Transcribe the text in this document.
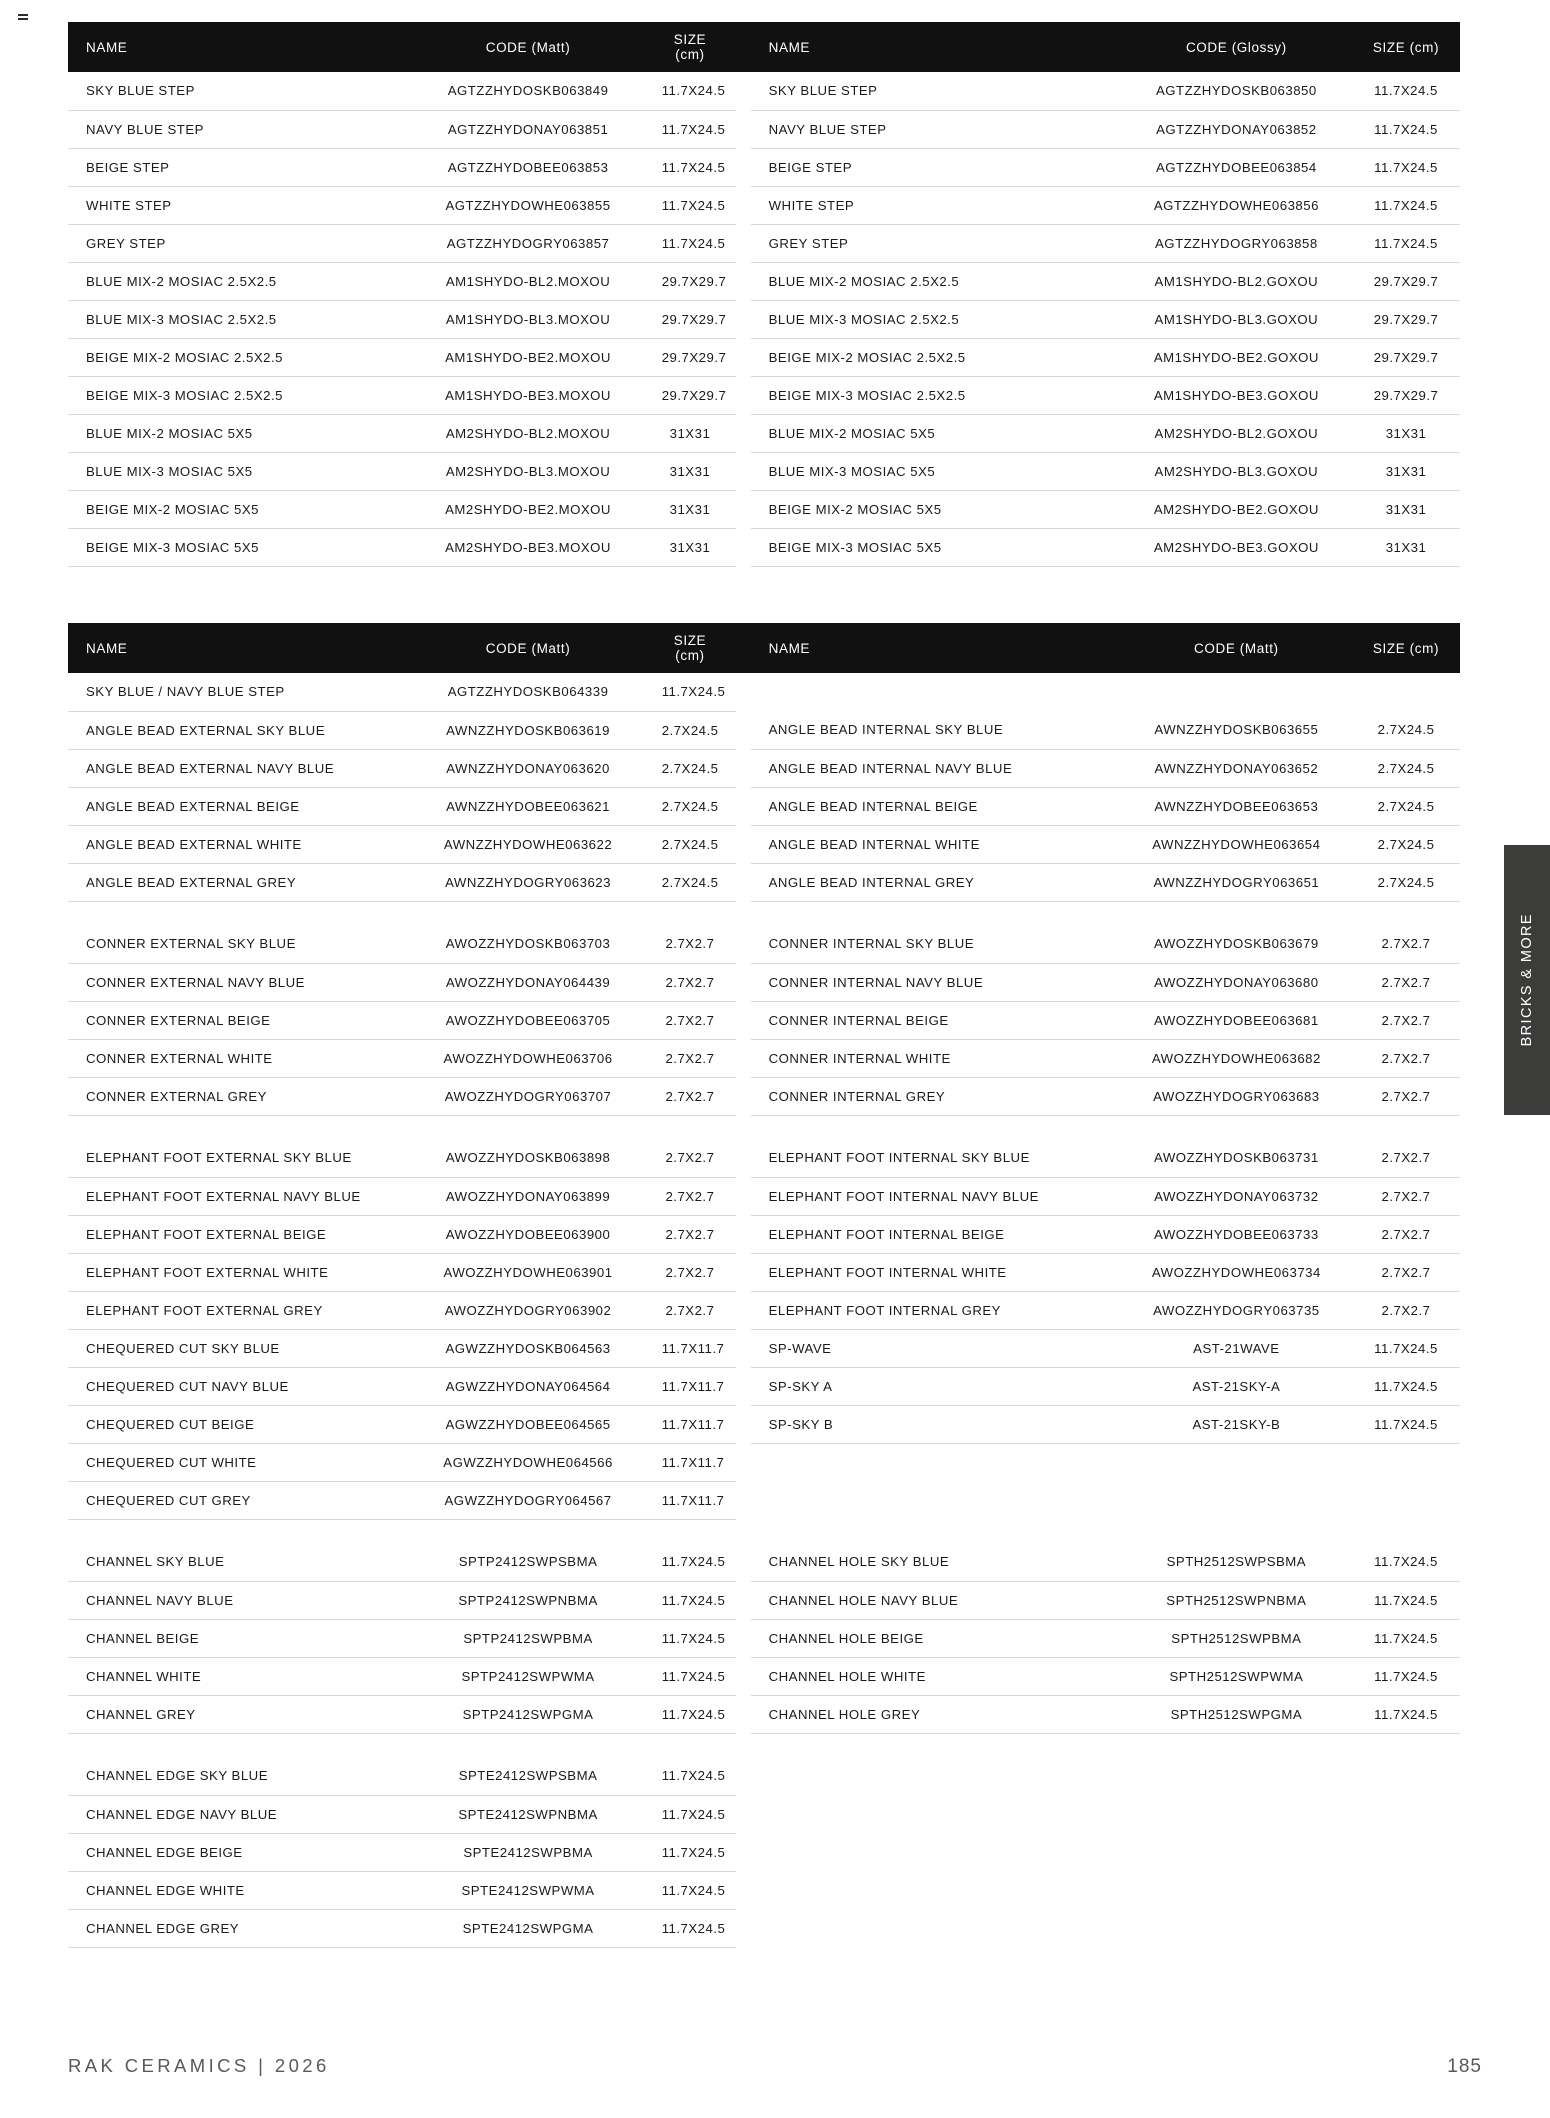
NAME	CODE (Matt)	SIZE (cm)		NAME	CODE (Glossy)	SIZE (cm)
SKY BLUE STEP	AGTZZHYDOSKB063849	11.7X24.5		SKY BLUE STEP	AGTZZHYDOSKB063850	11.7X24.5
NAVY BLUE STEP	AGTZZHYDONAY063851	11.7X24.5		NAVY BLUE STEP	AGTZZHYDONAY063852	11.7X24.5
BEIGE STEP	AGTZZHYDOBEE063853	11.7X24.5		BEIGE STEP	AGTZZHYDOBEE063854	11.7X24.5
WHITE STEP	AGTZZHYDOWHE063855	11.7X24.5		WHITE STEP	AGTZZHYDOWHE063856	11.7X24.5
GREY STEP	AGTZZHYDOGRY063857	11.7X24.5		GREY STEP	AGTZZHYDOGRY063858	11.7X24.5
BLUE MIX-2 MOSIAC 2.5X2.5	AM1SHYDO-BL2.MOXOU	29.7X29.7		BLUE MIX-2 MOSIAC 2.5X2.5	AM1SHYDO-BL2.GOXOU	29.7X29.7
BLUE MIX-3 MOSIAC 2.5X2.5	AM1SHYDO-BL3.MOXOU	29.7X29.7		BLUE MIX-3 MOSIAC 2.5X2.5	AM1SHYDO-BL3.GOXOU	29.7X29.7
BEIGE MIX-2 MOSIAC 2.5X2.5	AM1SHYDO-BE2.MOXOU	29.7X29.7		BEIGE MIX-2 MOSIAC 2.5X2.5	AM1SHYDO-BE2.GOXOU	29.7X29.7
BEIGE MIX-3 MOSIAC 2.5X2.5	AM1SHYDO-BE3.MOXOU	29.7X29.7		BEIGE MIX-3 MOSIAC 2.5X2.5	AM1SHYDO-BE3.GOXOU	29.7X29.7
BLUE MIX-2 MOSIAC 5X5	AM2SHYDO-BL2.MOXOU	31X31		BLUE MIX-2 MOSIAC 5X5	AM2SHYDO-BL2.GOXOU	31X31
BLUE MIX-3 MOSIAC 5X5	AM2SHYDO-BL3.MOXOU	31X31		BLUE MIX-3 MOSIAC 5X5	AM2SHYDO-BL3.GOXOU	31X31
BEIGE MIX-2 MOSIAC 5X5	AM2SHYDO-BE2.MOXOU	31X31		BEIGE MIX-2 MOSIAC 5X5	AM2SHYDO-BE2.GOXOU	31X31
BEIGE MIX-3 MOSIAC 5X5	AM2SHYDO-BE3.MOXOU	31X31		BEIGE MIX-3 MOSIAC 5X5	AM2SHYDO-BE3.GOXOU	31X31
NAME	CODE (Matt)	SIZE (cm)		NAME	CODE (Matt)	SIZE (cm)
SKY BLUE / NAVY BLUE STEP	AGTZZHYDOSKB064339	11.7X24.5				
ANGLE BEAD EXTERNAL SKY BLUE	AWNZZHYDOSKB063619	2.7X24.5		ANGLE BEAD INTERNAL SKY BLUE	AWNZZHYDOSKB063655	2.7X24.5
ANGLE BEAD EXTERNAL NAVY BLUE	AWNZZHYDONAY063620	2.7X24.5		ANGLE BEAD INTERNAL NAVY BLUE	AWNZZHYDONAY063652	2.7X24.5
ANGLE BEAD EXTERNAL BEIGE	AWNZZHYDOBEE063621	2.7X24.5		ANGLE BEAD INTERNAL BEIGE	AWNZZHYDOBEE063653	2.7X24.5
ANGLE BEAD EXTERNAL WHITE	AWNZZHYDOWHE063622	2.7X24.5		ANGLE BEAD INTERNAL WHITE	AWNZZHYDOWHE063654	2.7X24.5
ANGLE BEAD EXTERNAL GREY	AWNZZHYDOGRY063623	2.7X24.5		ANGLE BEAD INTERNAL GREY	AWNZZHYDOGRY063651	2.7X24.5

CONNER EXTERNAL SKY BLUE	AWOZZHYDOSKB063703	2.7X2.7		CONNER INTERNAL SKY BLUE	AWOZZHYDOSKB063679	2.7X2.7
CONNER EXTERNAL NAVY BLUE	AWOZZHYDONAY064439	2.7X2.7		CONNER INTERNAL NAVY BLUE	AWOZZHYDONAY063680	2.7X2.7
CONNER EXTERNAL BEIGE	AWOZZHYDOBEE063705	2.7X2.7		CONNER INTERNAL BEIGE	AWOZZHYDOBEE063681	2.7X2.7
CONNER EXTERNAL WHITE	AWOZZHYDOWHE063706	2.7X2.7		CONNER INTERNAL WHITE	AWOZZHYDOWHE063682	2.7X2.7
CONNER EXTERNAL GREY	AWOZZHYDOGRY063707	2.7X2.7		CONNER INTERNAL GREY	AWOZZHYDOGRY063683	2.7X2.7

ELEPHANT FOOT EXTERNAL SKY BLUE	AWOZZHYDOSKB063898	2.7X2.7		ELEPHANT FOOT INTERNAL SKY BLUE	AWOZZHYDOSKB063731	2.7X2.7
ELEPHANT FOOT EXTERNAL NAVY BLUE	AWOZZHYDONAY063899	2.7X2.7		ELEPHANT FOOT INTERNAL NAVY BLUE	AWOZZHYDONAY063732	2.7X2.7
ELEPHANT FOOT EXTERNAL BEIGE	AWOZZHYDOBEE063900	2.7X2.7		ELEPHANT FOOT INTERNAL BEIGE	AWOZZHYDOBEE063733	2.7X2.7
ELEPHANT FOOT EXTERNAL WHITE	AWOZZHYDOWHE063901	2.7X2.7		ELEPHANT FOOT INTERNAL WHITE	AWOZZHYDOWHE063734	2.7X2.7
ELEPHANT FOOT EXTERNAL GREY	AWOZZHYDOGRY063902	2.7X2.7		ELEPHANT FOOT INTERNAL GREY	AWOZZHYDOGRY063735	2.7X2.7
CHEQUERED CUT SKY BLUE	AGWZZHYDOSKB064563	11.7X11.7		SP-WAVE	AST-21WAVE	11.7X24.5
CHEQUERED CUT NAVY BLUE	AGWZZHYDONAY064564	11.7X11.7		SP-SKY A	AST-21SKY-A	11.7X24.5
CHEQUERED CUT BEIGE	AGWZZHYDOBEE064565	11.7X11.7		SP-SKY B	AST-21SKY-B	11.7X24.5
CHEQUERED CUT WHITE	AGWZZHYDOWHE064566	11.7X11.7				
CHEQUERED CUT GREY	AGWZZHYDOGRY064567	11.7X11.7				

CHANNEL SKY BLUE	SPTP2412SWPSBMA	11.7X24.5		CHANNEL HOLE SKY BLUE	SPTH2512SWPSBMA	11.7X24.5
CHANNEL NAVY BLUE	SPTP2412SWPNBMA	11.7X24.5		CHANNEL HOLE NAVY BLUE	SPTH2512SWPNBMA	11.7X24.5
CHANNEL BEIGE	SPTP2412SWPBMA	11.7X24.5		CHANNEL HOLE BEIGE	SPTH2512SWPBMA	11.7X24.5
CHANNEL WHITE	SPTP2412SWPWMA	11.7X24.5		CHANNEL HOLE WHITE	SPTH2512SWPWMA	11.7X24.5
CHANNEL GREY	SPTP2412SWPGMA	11.7X24.5		CHANNEL HOLE GREY	SPTH2512SWPGMA	11.7X24.5

CHANNEL EDGE SKY BLUE	SPTE2412SWPSBMA	11.7X24.5				
CHANNEL EDGE NAVY BLUE	SPTE2412SWPNBMA	11.7X24.5				
CHANNEL EDGE BEIGE	SPTE2412SWPBMA	11.7X24.5				
CHANNEL EDGE WHITE	SPTE2412SWPWMA	11.7X24.5				
CHANNEL EDGE GREY	SPTE2412SWPGMA	11.7X24.5				
BRICKS & MORE
RAK CERAMICS | 2026	185
